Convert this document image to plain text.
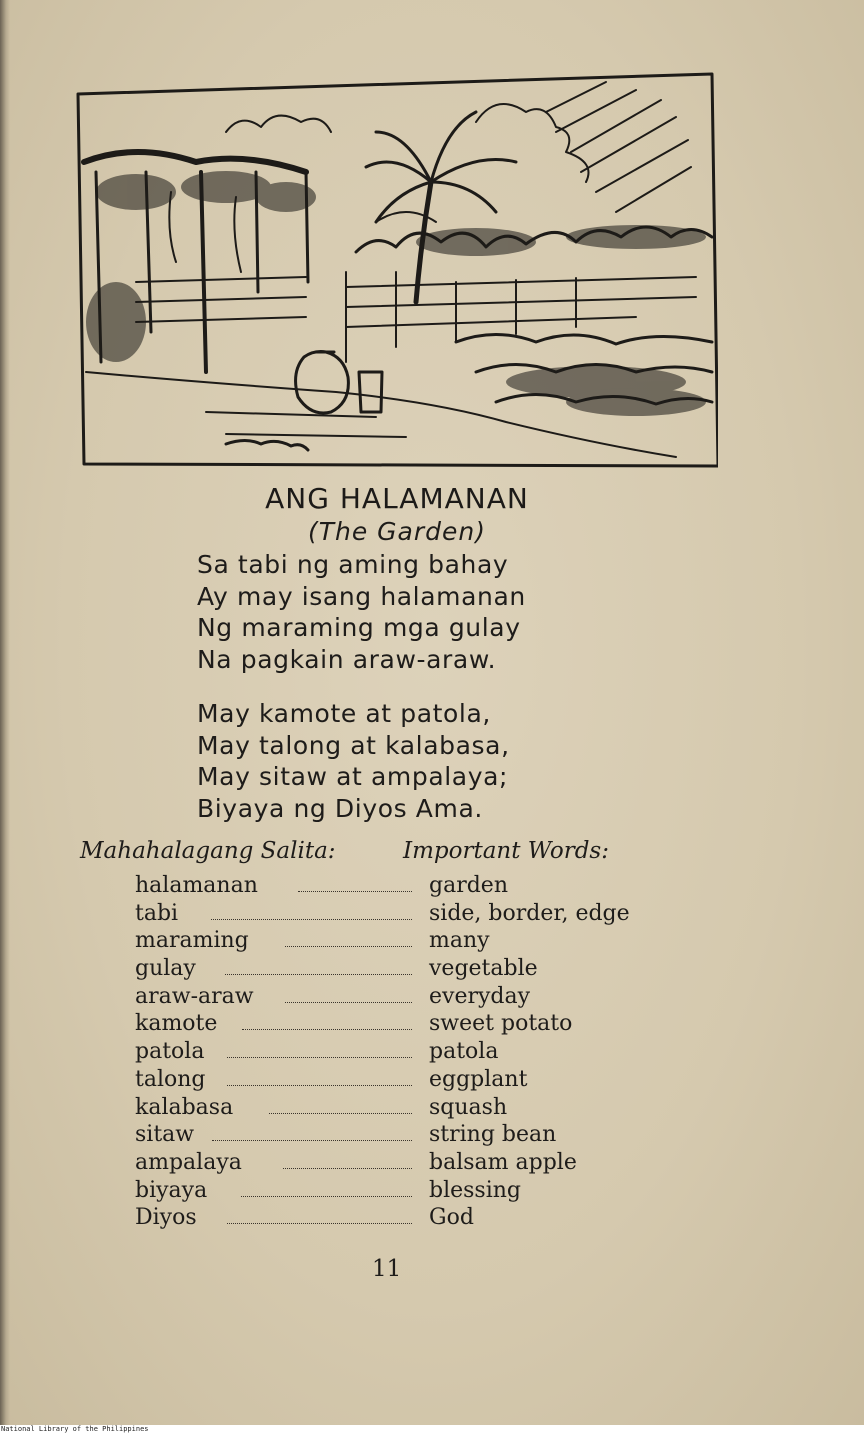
ANG HALAMANAN
(The Garden)
Sa tabi ng aming bahay
Ay may isang halamanan
Ng maraming mga gulay
Na pagkain araw-araw.
May kamote at patola,
May talong at kalabasa,
May sitaw at ampalaya;
Biyaya ng Diyos Ama.
Mahahalagang Salita:	Important Words:
halamanan	garden
tabi	side, border, edge
maraming	many
gulay	vegetable
araw-araw	everyday
kamote	sweet potato
patola	patola
talong	eggplant
kalabasa	squash
sitaw	string bean
ampalaya	balsam apple
biyaya	blessing
Diyos	God
11
National Library of the Philippines
